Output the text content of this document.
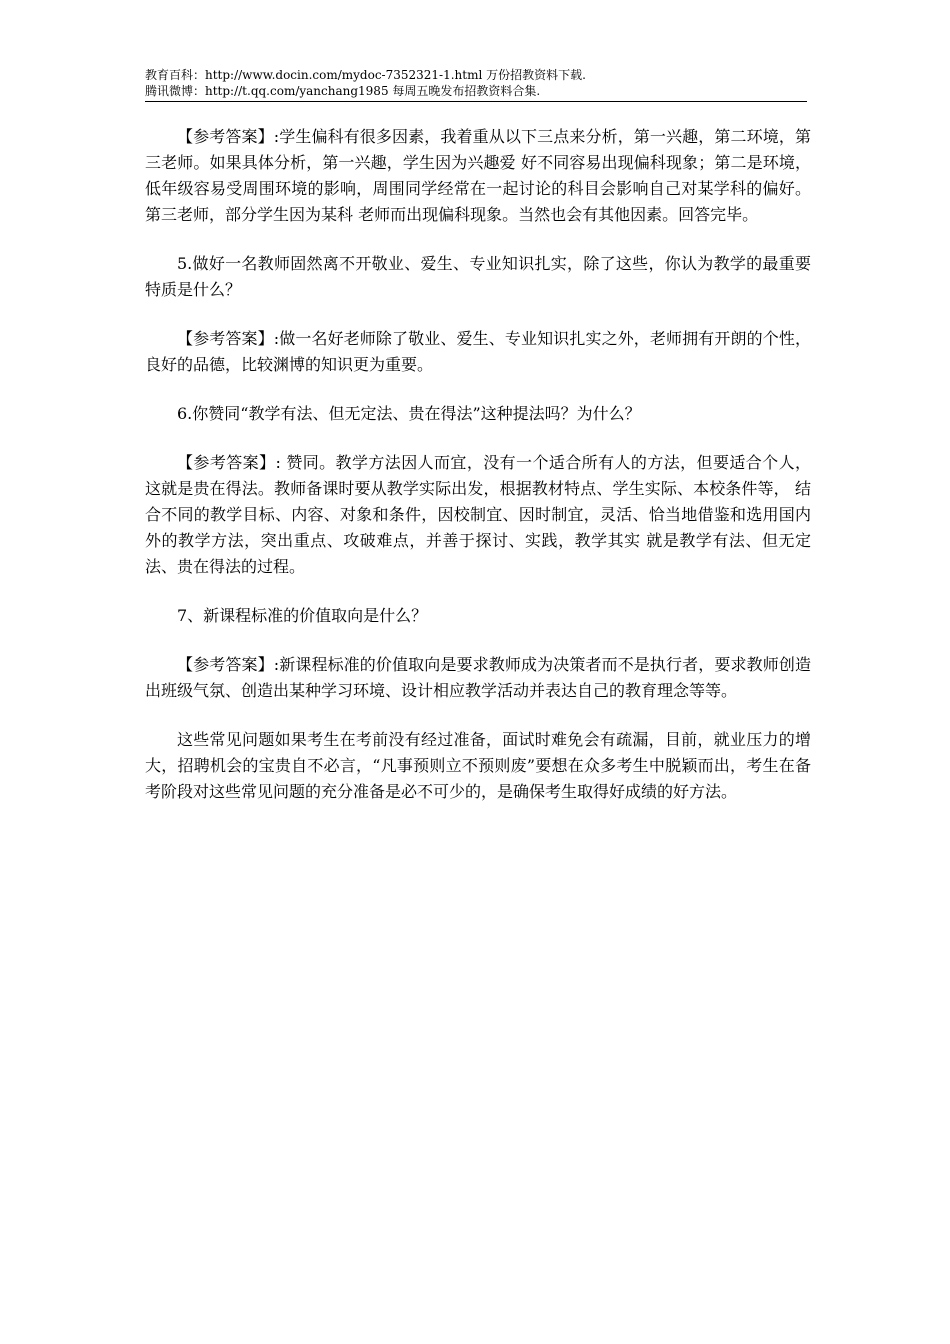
教育百科：http://www.docin.com/mydoc-7352321-1.html 万份招教资料下载.
腾讯微博：http://t.qq.com/yanchang1985 每周五晚发布招教资料合集.

【参考答案】:学生偏科有很多因素，我着重从以下三点来分析，第一兴趣，第二环境，第三老师。如果具体分析，第一兴趣，学生因为兴趣爱 好不同容易出现偏科现象；第二是环境，低年级容易受周围环境的影响，周围同学经常在一起讨论的科目会影响自己对某学科的偏好。第三老师，部分学生因为某科 老师而出现偏科现象。当然也会有其他因素。回答完毕。

5.做好一名教师固然离不开敬业、爱生、专业知识扎实，除了这些，你认为教学的最重要特质是什么？

【参考答案】:做一名好老师除了敬业、爱生、专业知识扎实之外，老师拥有开朗的个性，良好的品德，比较渊博的知识更为重要。

6.你赞同“教学有法、但无定法、贵在得法”这种提法吗？为什么？

【参考答案】: 赞同。教学方法因人而宜，没有一个适合所有人的方法，但要适合个人，这就是贵在得法。教师备课时要从教学实际出发，根据教材特点、学生实际、本校条件等， 结合不同的教学目标、内容、对象和条件，因校制宜、因时制宜，灵活、恰当地借鉴和选用国内外的教学方法，突出重点、攻破难点，并善于探讨、实践，教学其实 就是教学有法、但无定法、贵在得法的过程。

7、新课程标准的价值取向是什么？

【参考答案】:新课程标准的价值取向是要求教师成为决策者而不是执行者，要求教师创造出班级气氛、创造出某种学习环境、设计相应教学活动并表达自己的教育理念等等。

这些常见问题如果考生在考前没有经过准备，面试时难免会有疏漏，目前，就业压力的增大，招聘机会的宝贵自不必言，“凡事预则立不预则废”要想在众多考生中脱颖而出，考生在备考阶段对这些常见问题的充分准备是必不可少的，是确保考生取得好成绩的好方法。
